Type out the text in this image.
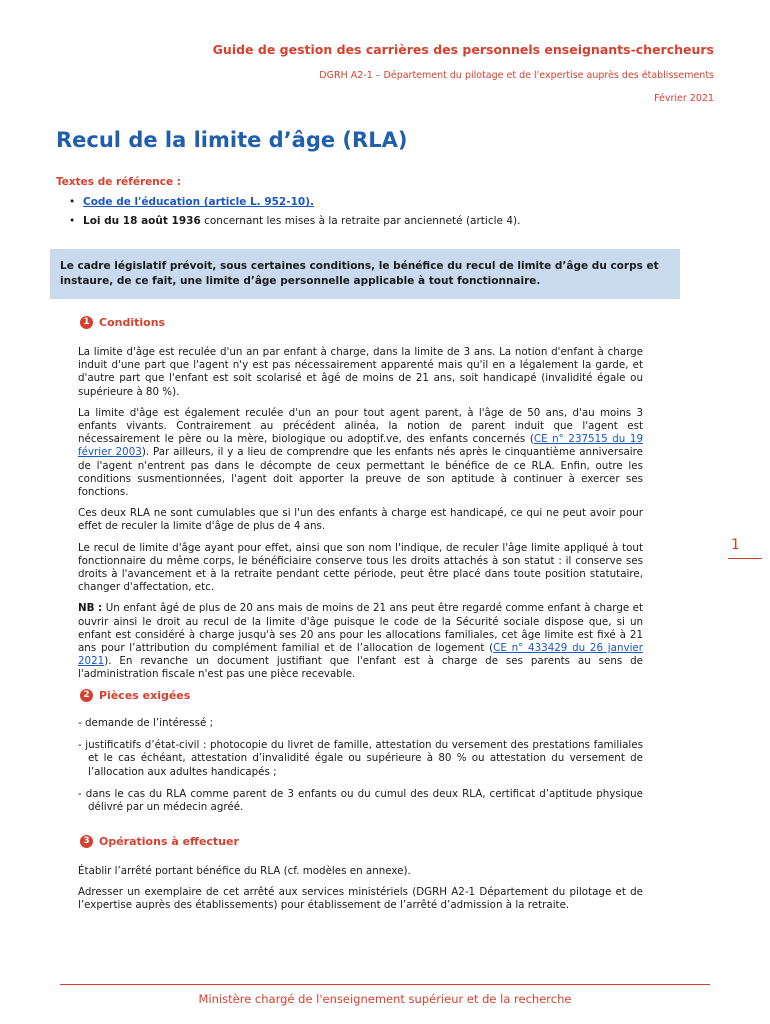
Guide de gestion des carrières des personnels enseignants-chercheurs
DGRH A2-1 – Département du pilotage et de l'expertise auprès des établissements
Février 2021
Recul de la limite d’âge (RLA)
Textes de référence :
• Code de l'éducation (article L. 952-10).
• Loi du 18 août 1936 concernant les mises à la retraite par ancienneté (article 4).
Le cadre législatif prévoit, sous certaines conditions, le bénéfice du recul de limite d’âge du corps et instaure, de ce fait, une limite d’âge personnelle applicable à tout fonctionnaire.
1 Conditions

La limite d'âge est reculée d'un an par enfant à charge, dans la limite de 3 ans. La notion d'enfant à charge induit d'une part que l'agent n'y est pas nécessairement apparenté mais qu'il en a légalement la garde, et d'autre part que l'enfant est soit scolarisé et âgé de moins de 21 ans, soit handicapé (invalidité égale ou supérieure à 80 %).

La limite d'âge est également reculée d'un an pour tout agent parent, à l'âge de 50 ans, d'au moins 3 enfants vivants. Contrairement au précédent alinéa, la notion de parent induit que l'agent est nécessairement le père ou la mère, biologique ou adoptif.ve, des enfants concernés (CE n° 237515 du 19 février 2003). Par ailleurs, il y a lieu de comprendre que les enfants nés après le cinquantième anniversaire de l'agent n'entrent pas dans le décompte de ceux permettant le bénéfice de ce RLA. Enfin, outre les conditions susmentionnées, l'agent doit apporter la preuve de son aptitude à continuer à exercer ses fonctions.

Ces deux RLA ne sont cumulables que si l'un des enfants à charge est handicapé, ce qui ne peut avoir pour effet de reculer la limite d'âge de plus de 4 ans.

Le recul de limite d'âge ayant pour effet, ainsi que son nom l'indique, de reculer l'âge limite appliqué à tout fonctionnaire du même corps, le bénéficiaire conserve tous les droits attachés à son statut : il conserve ses droits à l'avancement et à la retraite pendant cette période, peut être placé dans toute position statutaire, changer d'affectation, etc.

NB : Un enfant âgé de plus de 20 ans mais de moins de 21 ans peut être regardé comme enfant à charge et ouvrir ainsi le droit au recul de la limite d'âge puisque le code de la Sécurité sociale dispose que, si un enfant est considéré à charge jusqu'à ses 20 ans pour les allocations familiales, cet âge limite est fixé à 21 ans pour l’attribution du complément familial et de l’allocation de logement (CE n° 433429 du 26 janvier 2021). En revanche un document justifiant que l'enfant est à charge de ses parents au sens de l'administration fiscale n'est pas une pièce recevable.

2 Pièces exigées
- demande de l’intéressé ;
- justificatifs d’état-civil : photocopie du livret de famille, attestation du versement des prestations familiales et le cas échéant, attestation d’invalidité égale ou supérieure à 80 % ou attestation du versement de l’allocation aux adultes handicapés ;
- dans le cas du RLA comme parent de 3 enfants ou du cumul des deux RLA, certificat d’aptitude physique délivré par un médecin agréé.
3 Opérations à effectuer

Établir l’arrêté portant bénéfice du RLA (cf. modèles en annexe).

Adresser un exemplaire de cet arrêté aux services ministériels (DGRH A2-1 Département du pilotage et de l’expertise auprès des établissements) pour établissement de l’arrêté d’admission à la retraite.

1
Ministère chargé de l'enseignement supérieur et de la recherche
